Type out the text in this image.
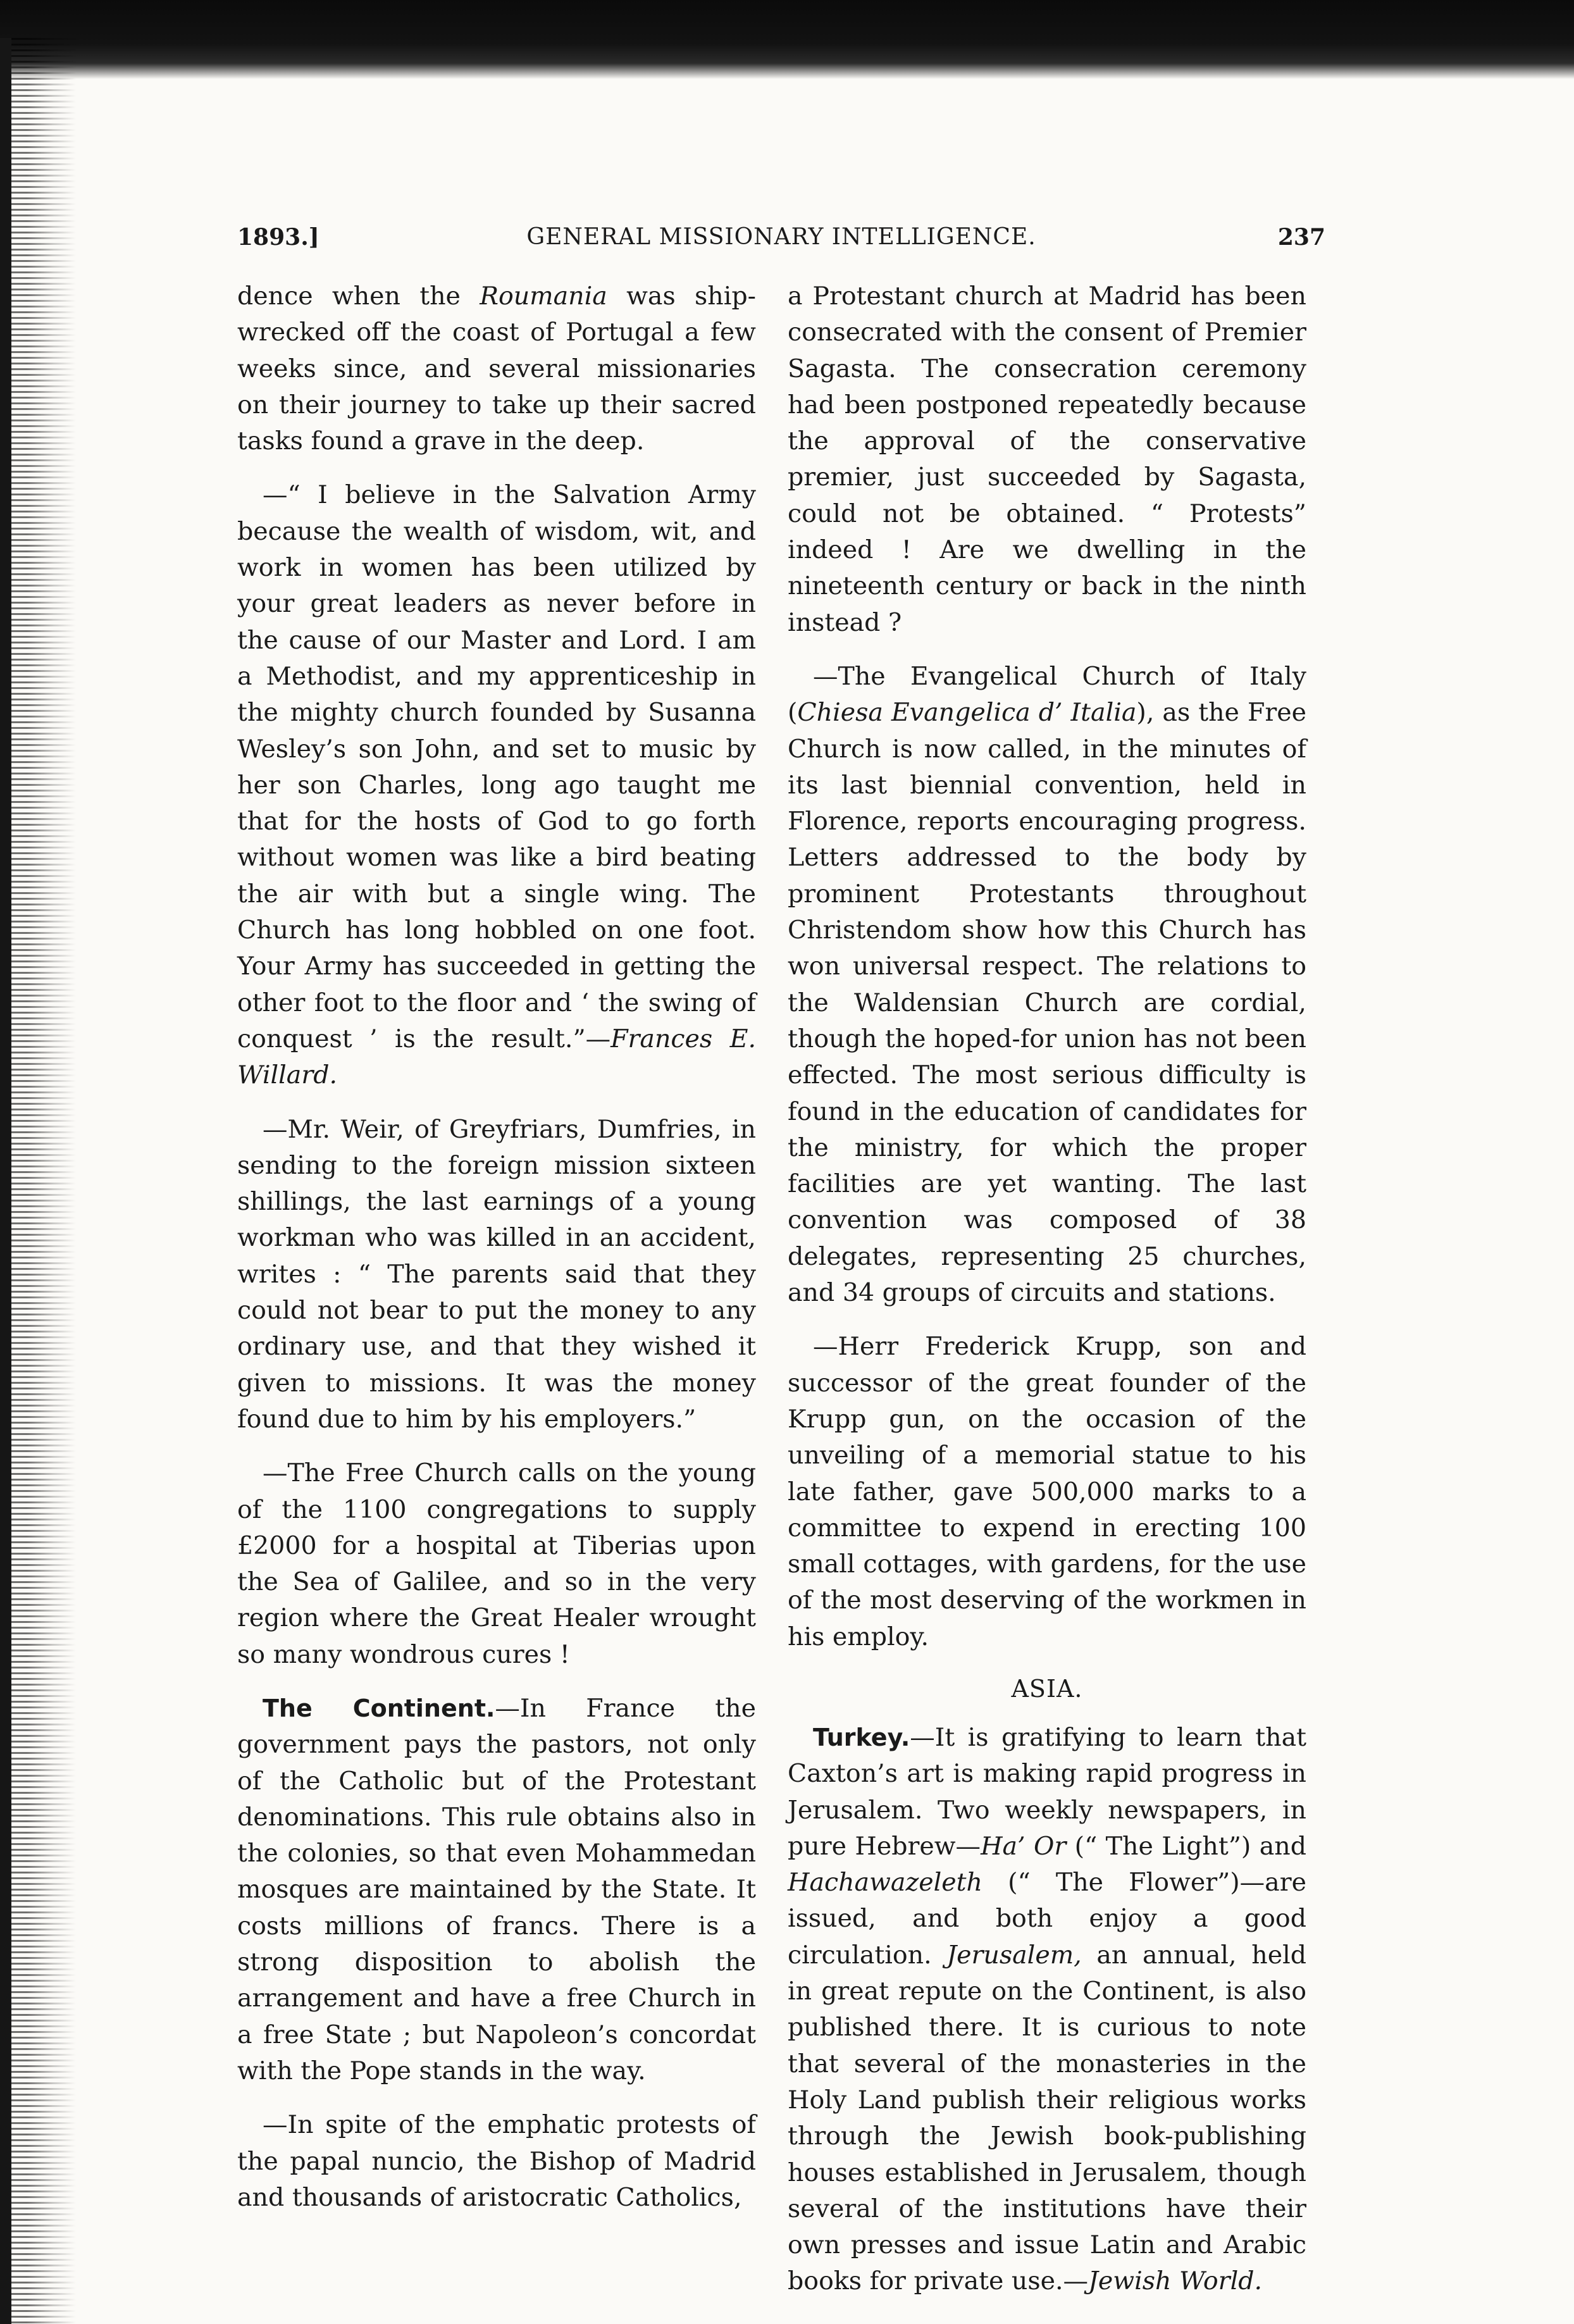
1893.]	GENERAL MISSIONARY INTELLIGENCE.	237

dence when the Roumania was ship-wrecked off the coast of Portugal a few weeks since, and several missionaries on their journey to take up their sacred tasks found a grave in the deep.

—“ I believe in the Salvation Army because the wealth of wisdom, wit, and work in women has been utilized by your great leaders as never before in the cause of our Master and Lord. I am a Methodist, and my apprenticeship in the mighty church founded by Susanna Wesley’s son John, and set to music by her son Charles, long ago taught me that for the hosts of God to go forth without women was like a bird beating the air with but a single wing. The Church has long hobbled on one foot. Your Army has succeeded in getting the other foot to the floor and ‘ the swing of conquest ’ is the result.”—Frances E. Willard.

—Mr. Weir, of Greyfriars, Dumfries, in sending to the foreign mission sixteen shillings, the last earnings of a young workman who was killed in an accident, writes : “ The parents said that they could not bear to put the money to any ordinary use, and that they wished it given to missions. It was the money found due to him by his employers.”

—The Free Church calls on the young of the 1100 congregations to supply £2000 for a hospital at Tiberias upon the Sea of Galilee, and so in the very region where the Great Healer wrought so many wondrous cures !

The Continent.—In France the government pays the pastors, not only of the Catholic but of the Protestant denominations. This rule obtains also in the colonies, so that even Mohammedan mosques are maintained by the State. It costs millions of francs. There is a strong disposition to abolish the arrangement and have a free Church in a free State ; but Napoleon’s concordat with the Pope stands in the way.

—In spite of the emphatic protests of the papal nuncio, the Bishop of Madrid and thousands of aristocratic Catholics,

a Protestant church at Madrid has been consecrated with the consent of Premier Sagasta. The consecration ceremony had been postponed repeatedly because the approval of the conservative premier, just succeeded by Sagasta, could not be obtained. “ Protests” indeed ! Are we dwelling in the nineteenth century or back in the ninth instead ?

—The Evangelical Church of Italy (Chiesa Evangelica d’ Italia), as the Free Church is now called, in the minutes of its last biennial convention, held in Florence, reports encouraging progress. Letters addressed to the body by prominent Protestants throughout Christendom show how this Church has won universal respect. The relations to the Waldensian Church are cordial, though the hoped-for union has not been effected. The most serious difficulty is found in the education of candidates for the ministry, for which the proper facilities are yet wanting. The last convention was composed of 38 delegates, representing 25 churches, and 34 groups of circuits and stations.

—Herr Frederick Krupp, son and successor of the great founder of the Krupp gun, on the occasion of the unveiling of a memorial statue to his late father, gave 500,000 marks to a committee to expend in erecting 100 small cottages, with gardens, for the use of the most deserving of the workmen in his employ.

ASIA.

Turkey.—It is gratifying to learn that Caxton’s art is making rapid progress in Jerusalem. Two weekly newspapers, in pure Hebrew—Ha’ Or (“ The Light”) and Hachawazeleth (“ The Flower”)—are issued, and both enjoy a good circulation. Jerusalem, an annual, held in great repute on the Continent, is also published there. It is curious to note that several of the monasteries in the Holy Land publish their religious works through the Jewish book-publishing houses established in Jerusalem, though several of the institutions have their own presses and issue Latin and Arabic books for private use.—Jewish World.
